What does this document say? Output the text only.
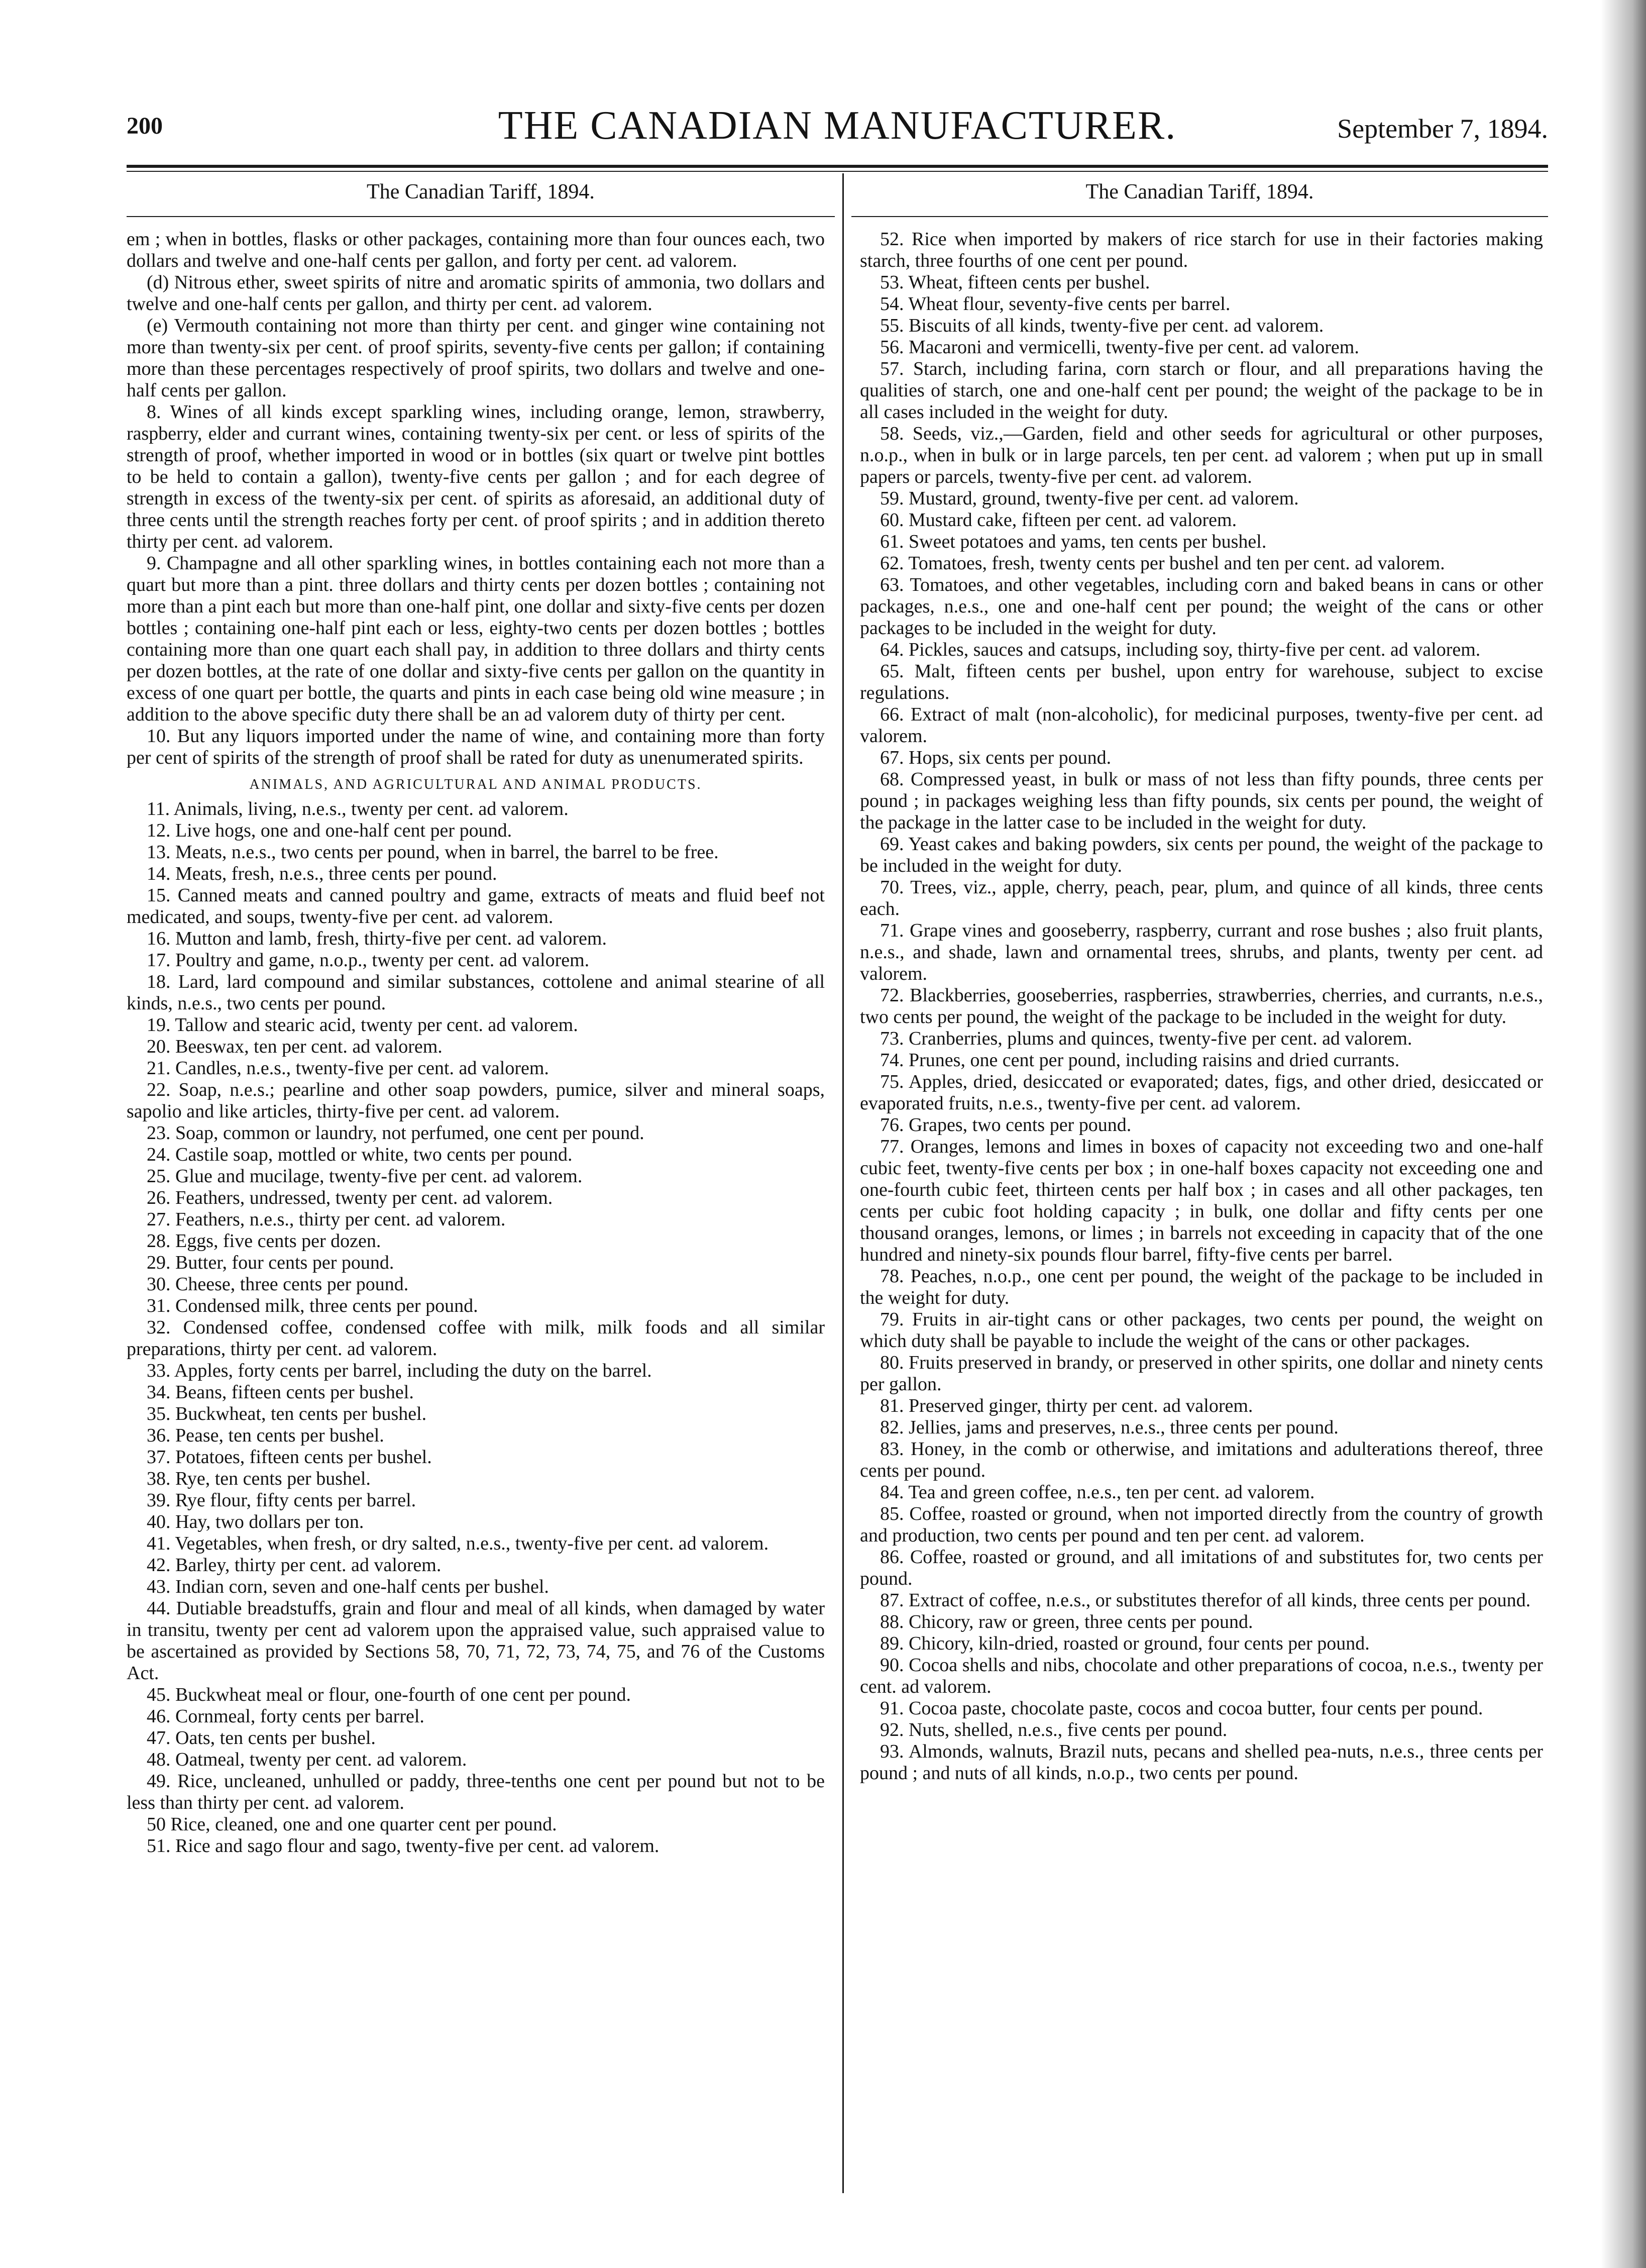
200	THE CANADIAN MANUFACTURER.	September 7, 1894.
The Canadian Tariff, 1894.	The Canadian Tariff, 1894.

em ; when in bottles, flasks or other packages, containing more than four ounces each, two dollars and twelve and one-half cents per gallon, and forty per cent. ad valorem.

(d) Nitrous ether, sweet spirits of nitre and aromatic spirits of ammonia, two dollars and twelve and one-half cents per gallon, and thirty per cent. ad valorem.

(e) Vermouth containing not more than thirty per cent. and ginger wine containing not more than twenty-six per cent. of proof spirits, seventy-five cents per gallon; if containing more than these percentages respectively of proof spirits, two dollars and twelve and one-half cents per gallon.

8. Wines of all kinds except sparkling wines, including orange, lemon, strawberry, raspberry, elder and currant wines, containing twenty-six per cent. or less of spirits of the strength of proof, whether imported in wood or in bottles (six quart or twelve pint bottles to be held to contain a gallon), twenty-five cents per gallon ; and for each degree of strength in excess of the twenty-six per cent. of spirits as aforesaid, an additional duty of three cents until the strength reaches forty per cent. of proof spirits ; and in addition thereto thirty per cent. ad valorem.

9. Champagne and all other sparkling wines, in bottles containing each not more than a quart but more than a pint. three dollars and thirty cents per dozen bottles ; containing not more than a pint each but more than one-half pint, one dollar and sixty-five cents per dozen bottles ; containing one-half pint each or less, eighty-two cents per dozen bottles ; bottles containing more than one quart each shall pay, in addition to three dollars and thirty cents per dozen bottles, at the rate of one dollar and sixty-five cents per gallon on the quantity in excess of one quart per bottle, the quarts and pints in each case being old wine measure ; in addition to the above specific duty there shall be an ad valorem duty of thirty per cent.

10. But any liquors imported under the name of wine, and containing more than forty per cent of spirits of the strength of proof shall be rated for duty as unenumerated spirits.

ANIMALS, AND AGRICULTURAL AND ANIMAL PRODUCTS.

11. Animals, living, n.e.s., twenty per cent. ad valorem.

12. Live hogs, one and one-half cent per pound.

13. Meats, n.e.s., two cents per pound, when in barrel, the barrel to be free.

14. Meats, fresh, n.e.s., three cents per pound.

15. Canned meats and canned poultry and game, extracts of meats and fluid beef not medicated, and soups, twenty-five per cent. ad valorem.

16. Mutton and lamb, fresh, thirty-five per cent. ad valorem.

17. Poultry and game, n.o.p., twenty per cent. ad valorem.

18. Lard, lard compound and similar substances, cottolene and animal stearine of all kinds, n.e.s., two cents per pound.

19. Tallow and stearic acid, twenty per cent. ad valorem.

20. Beeswax, ten per cent. ad valorem.

21. Candles, n.e.s., twenty-five per cent. ad valorem.

22. Soap, n.e.s.; pearline and other soap powders, pumice, silver and mineral soaps, sapolio and like articles, thirty-five per cent. ad valorem.

23. Soap, common or laundry, not perfumed, one cent per pound.

24. Castile soap, mottled or white, two cents per pound.

25. Glue and mucilage, twenty-five per cent. ad valorem.

26. Feathers, undressed, twenty per cent. ad valorem.

27. Feathers, n.e.s., thirty per cent. ad valorem.

28. Eggs, five cents per dozen.

29. Butter, four cents per pound.

30. Cheese, three cents per pound.

31. Condensed milk, three cents per pound.

32. Condensed coffee, condensed coffee with milk, milk foods and all similar preparations, thirty per cent. ad valorem.

33. Apples, forty cents per barrel, including the duty on the barrel.

34. Beans, fifteen cents per bushel.

35. Buckwheat, ten cents per bushel.

36. Pease, ten cents per bushel.

37. Potatoes, fifteen cents per bushel.

38. Rye, ten cents per bushel.

39. Rye flour, fifty cents per barrel.

40. Hay, two dollars per ton.

41. Vegetables, when fresh, or dry salted, n.e.s., twenty-five per cent. ad valorem.

42. Barley, thirty per cent. ad valorem.

43. Indian corn, seven and one-half cents per bushel.

44. Dutiable breadstuffs, grain and flour and meal of all kinds, when damaged by water in transitu, twenty per cent ad valorem upon the appraised value, such appraised value to be ascertained as provided by Sections 58, 70, 71, 72, 73, 74, 75, and 76 of the Customs Act.

45. Buckwheat meal or flour, one-fourth of one cent per pound.

46. Cornmeal, forty cents per barrel.

47. Oats, ten cents per bushel.

48. Oatmeal, twenty per cent. ad valorem.

49. Rice, uncleaned, unhulled or paddy, three-tenths one cent per pound but not to be less than thirty per cent. ad valorem.

50 Rice, cleaned, one and one quarter cent per pound.

51. Rice and sago flour and sago, twenty-five per cent. ad valorem.

52. Rice when imported by makers of rice starch for use in their factories making starch, three fourths of one cent per pound.

53. Wheat, fifteen cents per bushel.

54. Wheat flour, seventy-five cents per barrel.

55. Biscuits of all kinds, twenty-five per cent. ad valorem.

56. Macaroni and vermicelli, twenty-five per cent. ad valorem.

57. Starch, including farina, corn starch or flour, and all preparations having the qualities of starch, one and one-half cent per pound; the weight of the package to be in all cases included in the weight for duty.

58. Seeds, viz.,—Garden, field and other seeds for agricultural or other purposes, n.o.p., when in bulk or in large parcels, ten per cent. ad valorem ; when put up in small papers or parcels, twenty-five per cent. ad valorem.

59. Mustard, ground, twenty-five per cent. ad valorem.

60. Mustard cake, fifteen per cent. ad valorem.

61. Sweet potatoes and yams, ten cents per bushel.

62. Tomatoes, fresh, twenty cents per bushel and ten per cent. ad valorem.

63. Tomatoes, and other vegetables, including corn and baked beans in cans or other packages, n.e.s., one and one-half cent per pound; the weight of the cans or other packages to be included in the weight for duty.

64. Pickles, sauces and catsups, including soy, thirty-five per cent. ad valorem.

65. Malt, fifteen cents per bushel, upon entry for warehouse, subject to excise regulations.

66. Extract of malt (non-alcoholic), for medicinal purposes, twenty-five per cent. ad valorem.

67. Hops, six cents per pound.

68. Compressed yeast, in bulk or mass of not less than fifty pounds, three cents per pound ; in packages weighing less than fifty pounds, six cents per pound, the weight of the package in the latter case to be included in the weight for duty.

69. Yeast cakes and baking powders, six cents per pound, the weight of the package to be included in the weight for duty.

70. Trees, viz., apple, cherry, peach, pear, plum, and quince of all kinds, three cents each.

71. Grape vines and gooseberry, raspberry, currant and rose bushes ; also fruit plants, n.e.s., and shade, lawn and ornamental trees, shrubs, and plants, twenty per cent. ad valorem.

72. Blackberries, gooseberries, raspberries, strawberries, cherries, and currants, n.e.s., two cents per pound, the weight of the package to be included in the weight for duty.

73. Cranberries, plums and quinces, twenty-five per cent. ad valorem.

74. Prunes, one cent per pound, including raisins and dried currants.

75. Apples, dried, desiccated or evaporated; dates, figs, and other dried, desiccated or evaporated fruits, n.e.s., twenty-five per cent. ad valorem.

76. Grapes, two cents per pound.

77. Oranges, lemons and limes in boxes of capacity not exceeding two and one-half cubic feet, twenty-five cents per box ; in one-half boxes capacity not exceeding one and one-fourth cubic feet, thirteen cents per half box ; in cases and all other packages, ten cents per cubic foot holding capacity ; in bulk, one dollar and fifty cents per one thousand oranges, lemons, or limes ; in barrels not exceeding in capacity that of the one hundred and ninety-six pounds flour barrel, fifty-five cents per barrel.

78. Peaches, n.o.p., one cent per pound, the weight of the package to be included in the weight for duty.

79. Fruits in air-tight cans or other packages, two cents per pound, the weight on which duty shall be payable to include the weight of the cans or other packages.

80. Fruits preserved in brandy, or preserved in other spirits, one dollar and ninety cents per gallon.

81. Preserved ginger, thirty per cent. ad valorem.

82. Jellies, jams and preserves, n.e.s., three cents per pound.

83. Honey, in the comb or otherwise, and imitations and adulterations thereof, three cents per pound.

84. Tea and green coffee, n.e.s., ten per cent. ad valorem.

85. Coffee, roasted or ground, when not imported directly from the country of growth and production, two cents per pound and ten per cent. ad valorem.

86. Coffee, roasted or ground, and all imitations of and substitutes for, two cents per pound.

87. Extract of coffee, n.e.s., or substitutes therefor of all kinds, three cents per pound.

88. Chicory, raw or green, three cents per pound.

89. Chicory, kiln-dried, roasted or ground, four cents per pound.

90. Cocoa shells and nibs, chocolate and other preparations of cocoa, n.e.s., twenty per cent. ad valorem.

91. Cocoa paste, chocolate paste, cocos and cocoa butter, four cents per pound.

92. Nuts, shelled, n.e.s., five cents per pound.

93. Almonds, walnuts, Brazil nuts, pecans and shelled pea-nuts, n.e.s., three cents per pound ; and nuts of all kinds, n.o.p., two cents per pound.
